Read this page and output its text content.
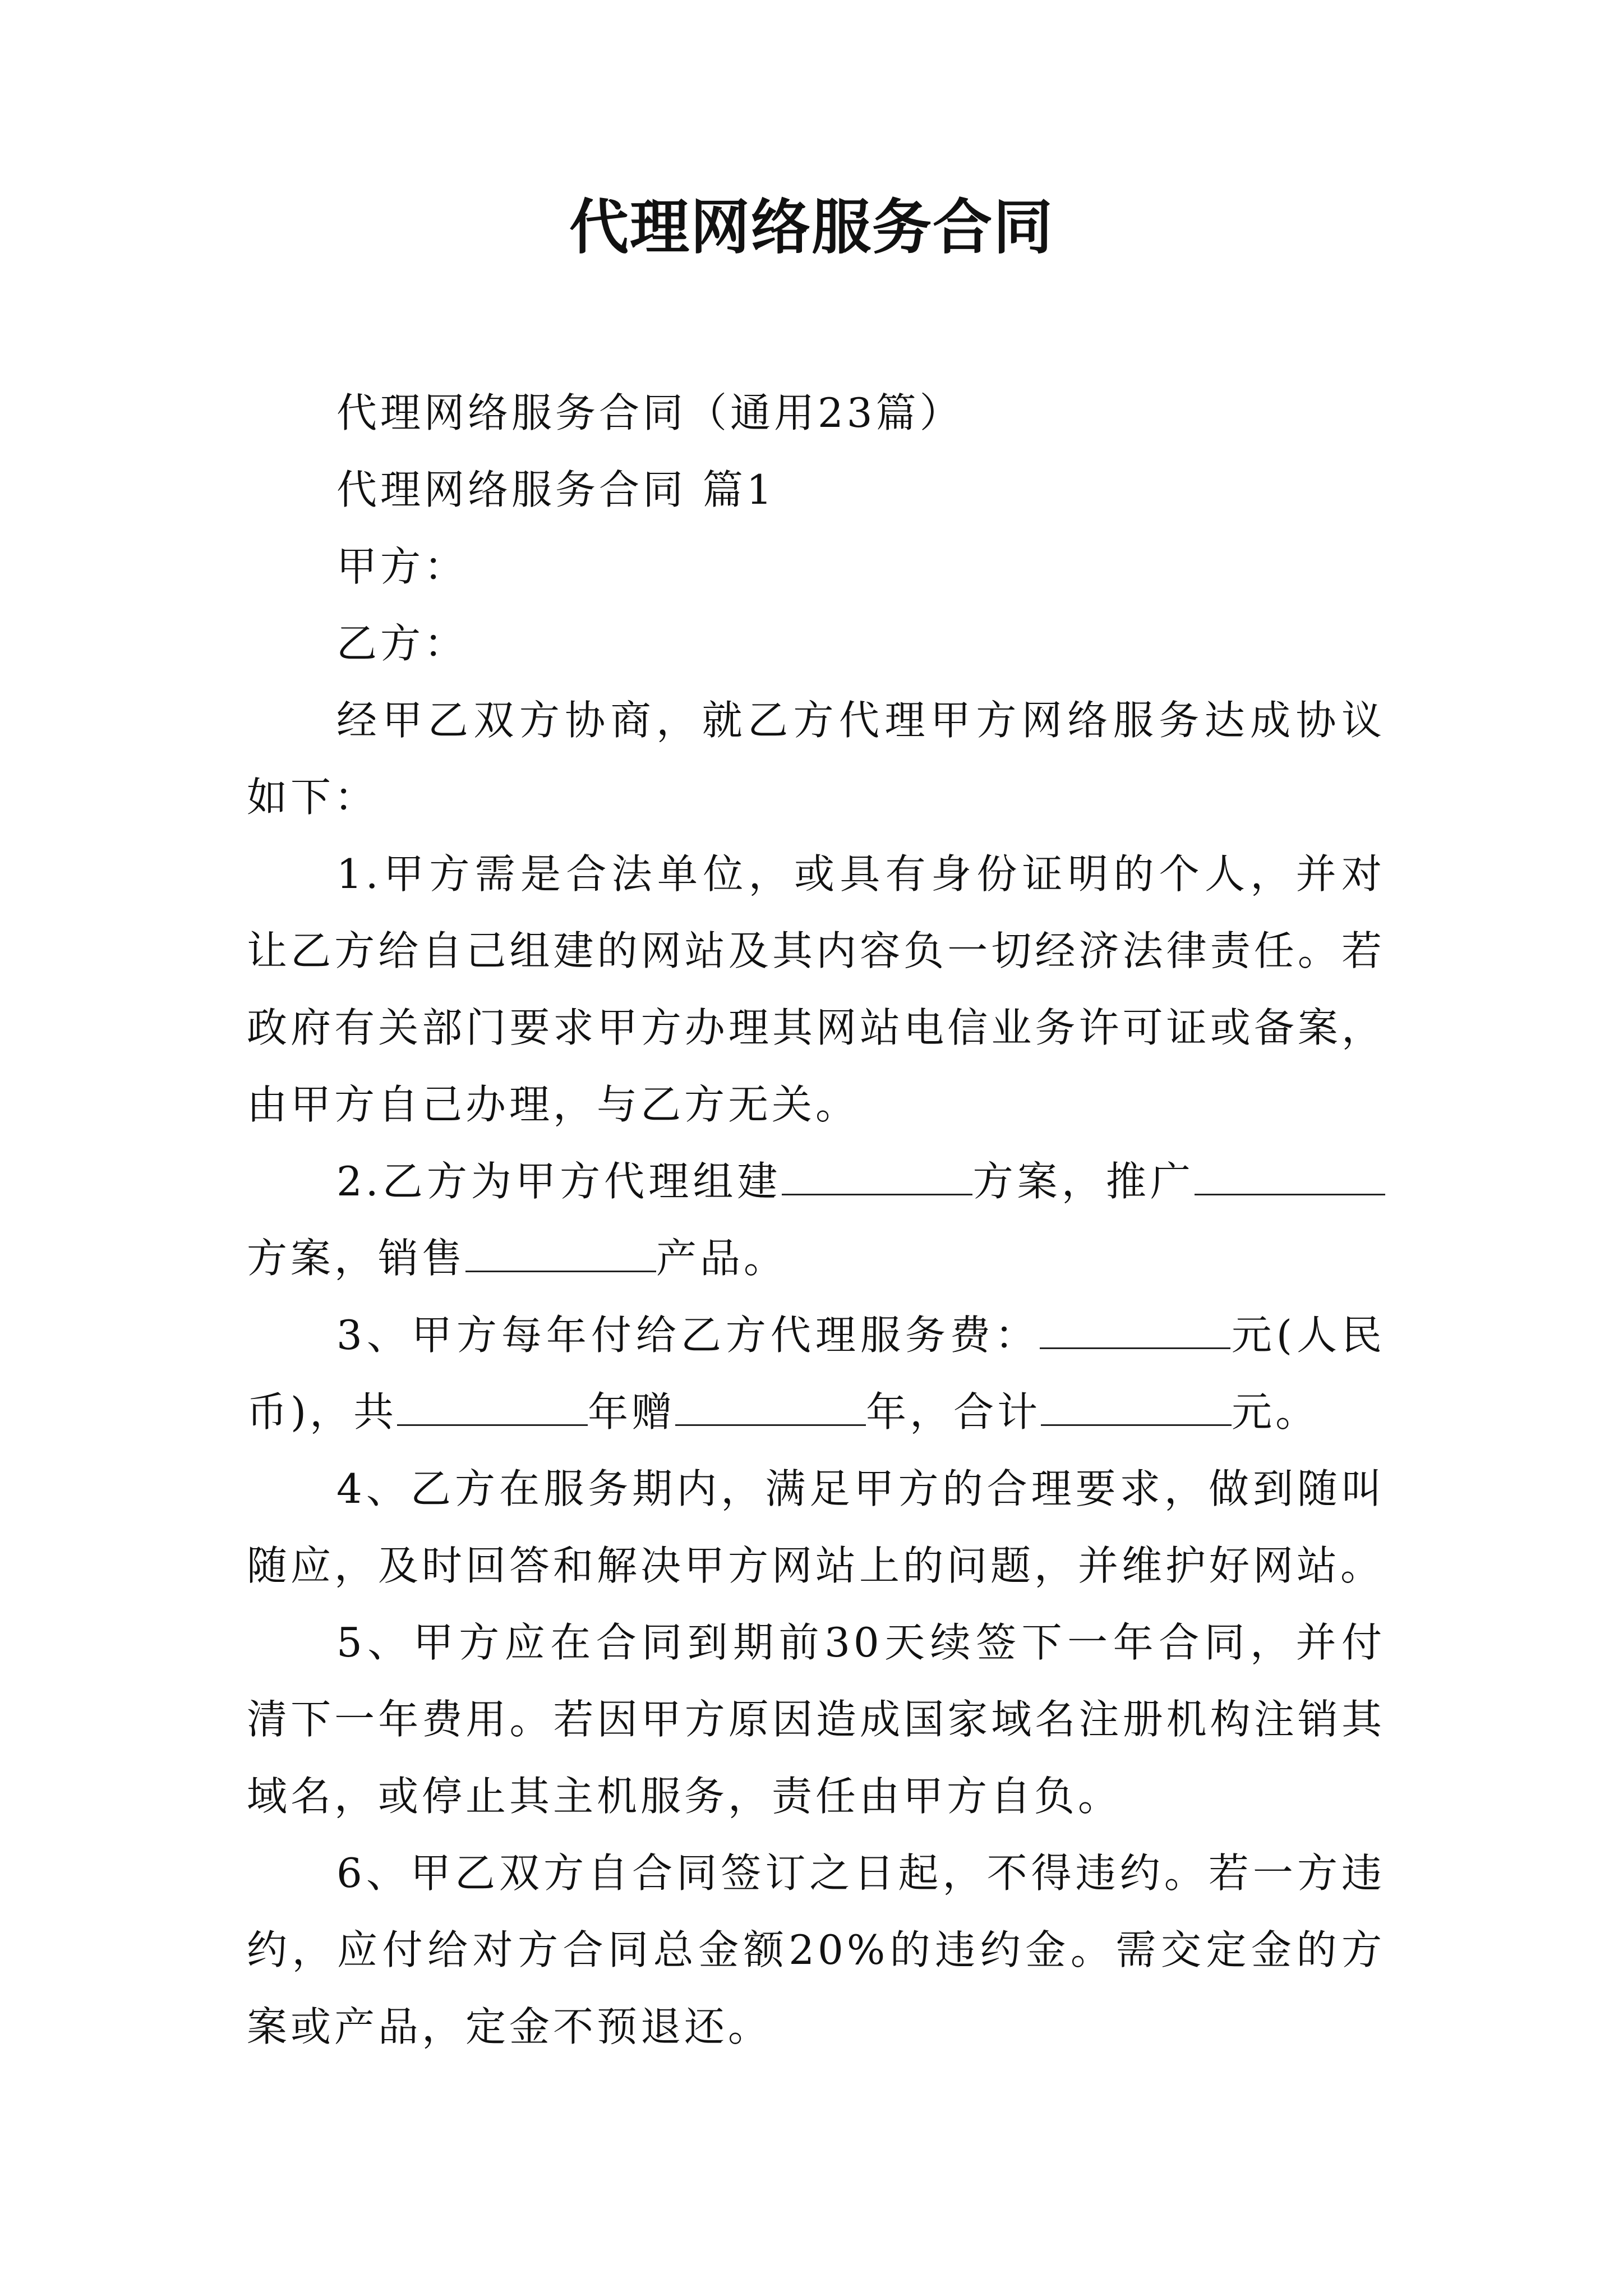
代理网络服务合同

代理网络服务合同（通用23篇）

代理网络服务合同 篇1

甲方：

乙方：

经甲乙双方协商，就乙方代理甲方网络服务达成协议如下：

1.甲方需是合法单位，或具有身份证明的个人，并对让乙方给自己组建的网站及其内容负一切经济法律责任。若政府有关部门要求甲方办理其网站电信业务许可证或备案，由甲方自己办理，与乙方无关。

2.乙方为甲方代理组建	方案，推广方案，销售	产品。

3、甲方每年付给乙方代理服务费：	元(人民币)，共	年赠	年，合计	元。

4、乙方在服务期内，满足甲方的合理要求，做到随叫随应，及时回答和解决甲方网站上的问题，并维护好网站。

5、甲方应在合同到期前30天续签下一年合同，并付清下一年费用。若因甲方原因造成国家域名注册机构注销其域名，或停止其主机服务，责任由甲方自负。

6、甲乙双方自合同签订之日起，不得违约。若一方违约，应付给对方合同总金额20%的违约金。需交定金的方案或产品，定金不预退还。
